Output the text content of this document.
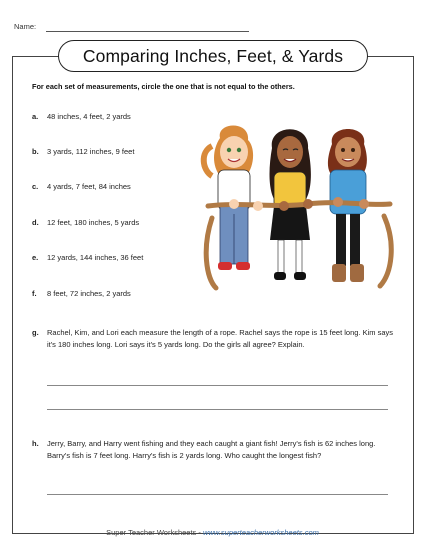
Name:
Comparing Inches, Feet, & Yards
For each set of measurements, circle the one that is not equal to the others.
a. 48 inches, 4 feet, 2 yards
b. 3 yards, 112 inches, 9 feet
c. 4 yards, 7 feet, 84 inches
d. 12 feet, 180 inches, 5 yards
e. 12 yards, 144 inches, 36 feet
f. 8 feet, 72 inches, 2 yards
g. Rachel, Kim, and Lori each measure the length of a rope. Rachel says the rope is 15 feet long. Kim says it's 180 inches long. Lori says it's 5 yards long. Do the girls all agree? Explain.
h. Jerry, Barry, and Harry went fishing and they each caught a giant fish! Jerry's fish is 62 inches long. Barry's fish is 7 feet long. Harry's fish is 2 yards long. Who caught the longest fish?
Super Teacher Worksheets - www.superteacherworksheets.com
